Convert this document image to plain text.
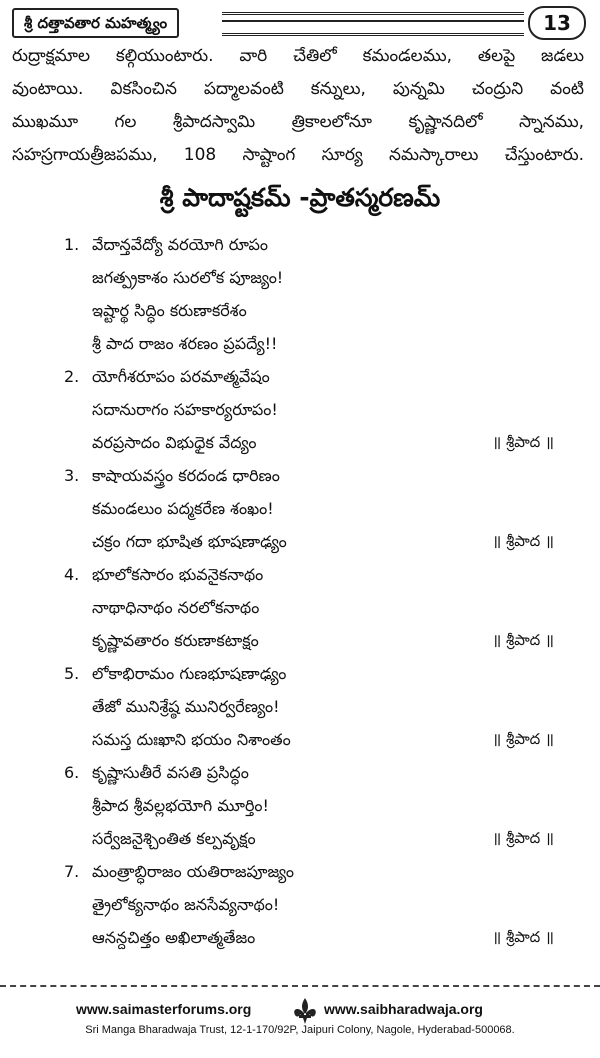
శ్రీ దత్తావతార మహత్మ్యం	13
రుద్రాక్షమాల కల్గియుంటారు. వారి చేతిలో కమండలము, తలపై జడలు
వుంటాయి. వికసించిన పద్మాలవంటి కన్నులు, పున్నమి చంద్రుని వంటి
ముఖమూ గల శ్రీపాదస్వామి త్రికాలలోనూ కృష్ణానదిలో స్నానము,
సహస్రగాయత్రీజపము, 108 సాష్టాంగ సూర్య నమస్కారాలు చేస్తుంటారు.
శ్రీ పాదాష్టకమ్ -ప్రాతస్మరణమ్
1. వేదాన్తవేద్యో వరయోగి రూపం
జగత్ప్రకాశం సురలోక పూజ్యం!
ఇష్టార్థ సిద్ధిం కరుణాకరేశం
శ్రీ పాద రాజం శరణం ప్రపద్యే!!
2. యోగీశరూపం పరమాత్మవేషం
సదానురాగం సహకార్యరూపం!
వరప్రసాదం విభుధైక వేద్యం	॥ శ్రీపాద ॥
3. కాషాయవస్త్రం కరదండ ధారిణం
కమండలుం పద్మకరేణ శంఖం!
చక్రం గదా భూషిత భూషణాఢ్యం	॥ శ్రీపాద ॥
4. భూలోకసారం భువనైకనాథం
నాథాధినాథం నరలోకనాథం
కృష్ణావతారం కరుణాకటాక్షం	॥ శ్రీపాద ॥
5. లోకాభిరామం గుణభూషణాఢ్యం
తేజో మునిశ్రేష్ఠ మునిర్వరేణ్యం!
సమస్త దుఃఖాని భయం నిశాంతం	॥ శ్రీపాద ॥
6. కృష్ణాసుతీరే వసతి ప్రసిద్ధం
శ్రీపాద శ్రీవల్లభయోగి మూర్తిం!
సర్వేజనైశ్చింతిత కల్పవృక్షం	॥ శ్రీపాద ॥
7. మంత్రాబ్ధిరాజం యతిరాజపూజ్యం
త్రైలోక్యనాథం జనసేవ్యనాథం!
ఆనన్దచిత్తం అఖిలాత్మతేజం	॥ శ్రీపాద ॥
www.saimasterforums.org	www.saibharadwaja.org
Sri Manga Bharadwaja Trust, 12-1-170/92P, Jaipuri Colony, Nagole, Hyderabad-500068.
